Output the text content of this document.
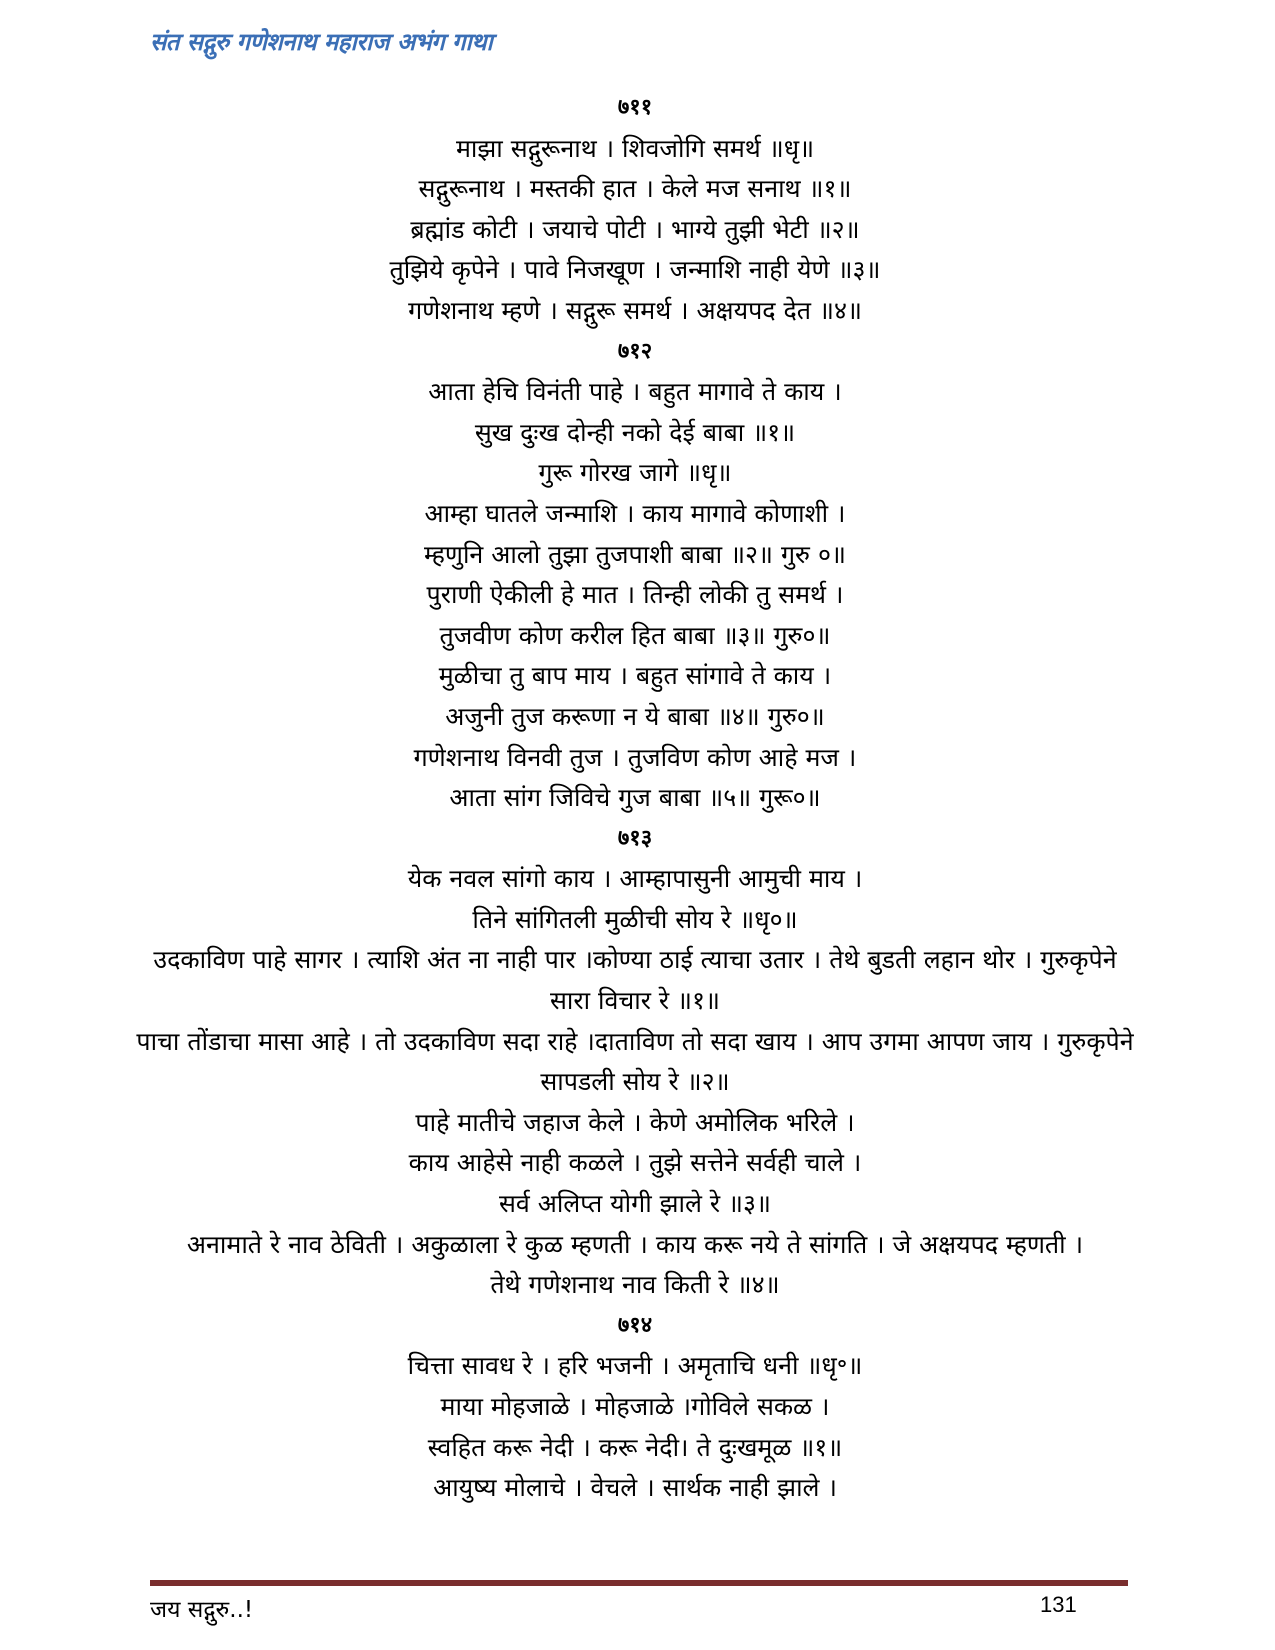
संत सद्गुरु गणेशनाथ महाराज अभंग गाथा
७११
माझा सद्गुरूनाथ । शिवजोगि समर्थ ॥धृ॥
सद्गुरूनाथ । मस्तकी हात । केले मज सनाथ ॥१॥
ब्रह्मांड कोटी । जयाचे पोटी । भाग्ये तुझी भेटी ॥२॥
तुझिये कृपेने । पावे निजखूण । जन्माशि नाही येणे ॥३॥
गणेशनाथ म्हणे । सद्गुरू समर्थ । अक्षयपद देत ॥४॥
७१२
आता हेचि विनंती पाहे । बहुत मागावे ते काय ।
सुख दुःख दोन्ही नको देई बाबा ॥१॥
गुरू गोरख जागे ॥धृ॥
आम्हा घातले जन्माशि । काय मागावे कोणाशी ।
म्हणुनि आलो तुझा तुजपाशी बाबा ॥२॥ गुरु ०॥
पुराणी ऐकीली हे मात । तिन्ही लोकी तु समर्थ ।
तुजवीण कोण करील हित बाबा ॥३॥ गुरु०॥
मुळीचा तु बाप माय । बहुत सांगावे ते काय ।
अजुनी तुज करूणा न ये बाबा ॥४॥ गुरु०॥
गणेशनाथ विनवी तुज । तुजविण कोण आहे मज ।
आता सांग जिविचे गुज बाबा ॥५॥ गुरू०॥
७१३
येक नवल सांगो काय । आम्हापासुनी आमुची माय ।
तिने सांगितली मुळीची सोय रे ॥धृ०॥
उदकाविण पाहे सागर । त्याशि अंत ना नाही पार ।कोण्या ठाई त्याचा उतार । तेथे बुडती लहान थोर । गुरुकृपेने सारा विचार रे ॥१॥
पाचा तोंडाचा मासा आहे । तो उदकाविण सदा राहे ।दाताविण तो सदा खाय । आप उगमा आपण जाय । गुरुकृपेने सापडली सोय रे ॥२॥
पाहे मातीचे जहाज केले । केणे अमोलिक भरिले ।
काय आहेसे नाही कळले । तुझे सत्तेने सर्वही चाले ।
सर्व अलिप्त योगी झाले रे ॥३॥
अनामाते रे नाव ठेविती । अकुळाला रे कुळ म्हणती । काय करू नये ते सांगति । जे अक्षयपद म्हणती ।
तेथे गणेशनाथ नाव किती रे ॥४॥
७१४
चित्ता सावध रे । हरि भजनी । अमृताचि धनी ॥धृ॰॥
माया मोहजाळे । मोहजाळे ।गोविले सकळ ।
स्वहित करू नेदी । करू नेदी। ते दुःखमूळ ॥१॥
आयुष्य मोलाचे । वेचले । सार्थक नाही झाले ।
जय सद्गुरु..!	131
